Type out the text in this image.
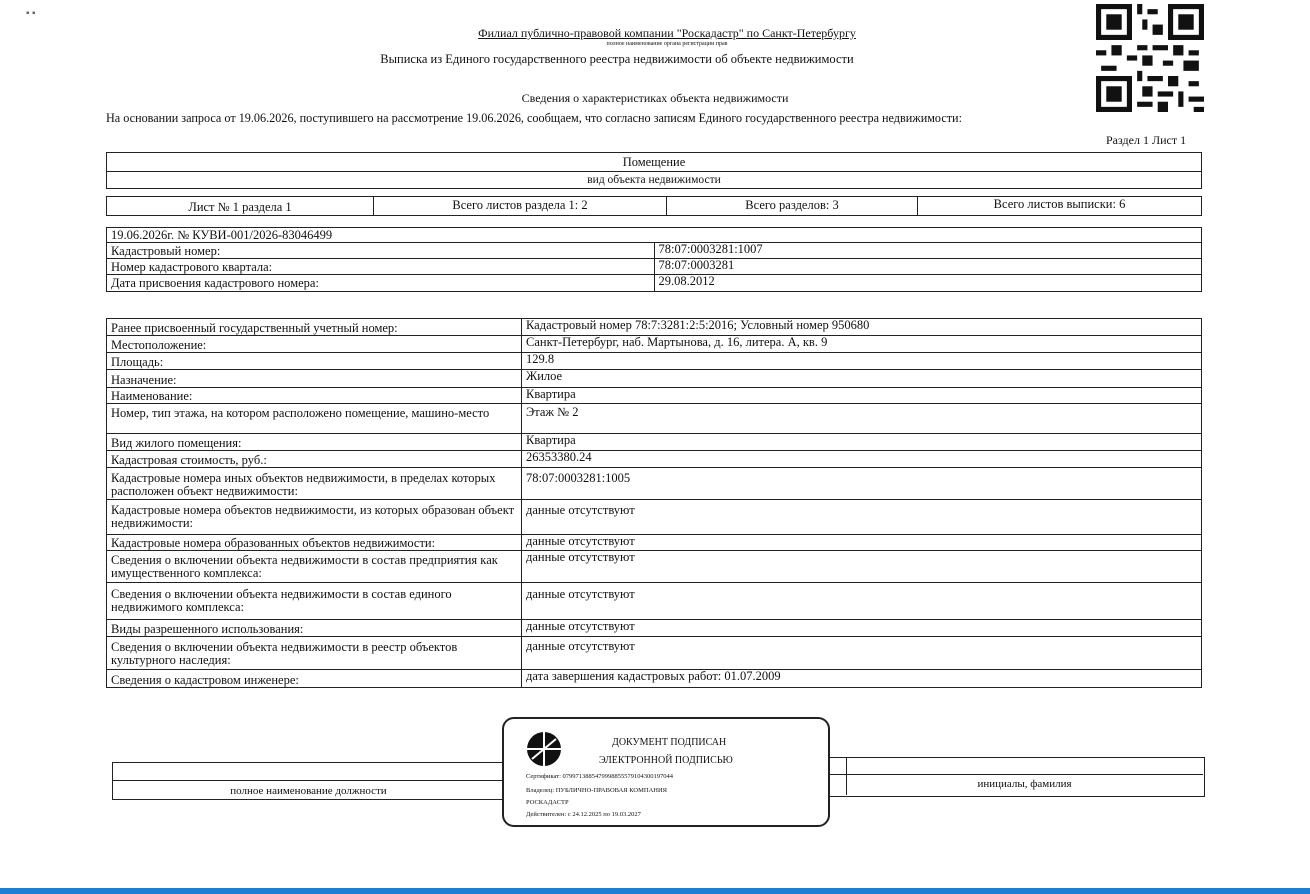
▪ ▪
Филиал публично-правовой компании "Роскадастр" по Санкт-Петербургу
полное наименование органа регистрации прав
Выписка из Единого государственного реестра недвижимости об объекте недвижимости
Сведения о характеристиках объекта недвижимости
На основании запроса от 19.06.2026, поступившего на рассмотрение 19.06.2026, сообщаем, что согласно записям Единого государственного реестра недвижимости:
Раздел 1 Лист 1
Помещение
вид объекта недвижимости
Лист № 1 раздела 1	Всего листов раздела 1: 2	Всего разделов: 3	Всего листов выписки: 6
19.06.2026г. № КУВИ-001/2026-83046499	
Кадастровый номер:	78:07:0003281:1007
Номер кадастрового квартала:	78:07:0003281
Дата присвоения кадастрового номера:	29.08.2012
Ранее присвоенный государственный учетный номер:	Кадастровый номер 78:7:3281:2:5:2016; Условный номер 950680
Местоположение:	Санкт-Петербург, наб. Мартынова, д. 16, литера. А, кв. 9
Площадь:	129.8
Назначение:	Жилое
Наименование:	Квартира
Номер, тип этажа, на котором расположено помещение, машино-место	Этаж № 2
Вид жилого помещения:	Квартира
Кадастровая стоимость, руб.:	26353380.24
Кадастровые номера иных объектов недвижимости, в пределах которых расположен объект недвижимости:	78:07:0003281:1005
Кадастровые номера объектов недвижимости, из которых образован объект недвижимости:	данные отсутствуют
Кадастровые номера образованных объектов недвижимости:	данные отсутствуют
Сведения о включении объекта недвижимости в состав предприятия как имущественного комплекса:	данные отсутствуют
Сведения о включении объекта недвижимости в состав единого недвижимого комплекса:	данные отсутствуют
Виды разрешенного использования:	данные отсутствуют
Сведения о включении объекта недвижимости в реестр объектов культурного наследия:	данные отсутствуют
Сведения о кадастровом инженере:	дата завершения кадастровых работ: 01.07.2009
полное наименование должности
инициалы, фамилия
ДОКУМЕНТ ПОДПИСАН
ЭЛЕКТРОННОЙ ПОДПИСЬЮ
Сертификат: 0799713885479998855579104300197044
Владелец: ПУБЛИЧНО-ПРАВОВАЯ КОМПАНИЯ
РОСКАДАСТР
Действителен: с 24.12.2025 по 19.03.2027
